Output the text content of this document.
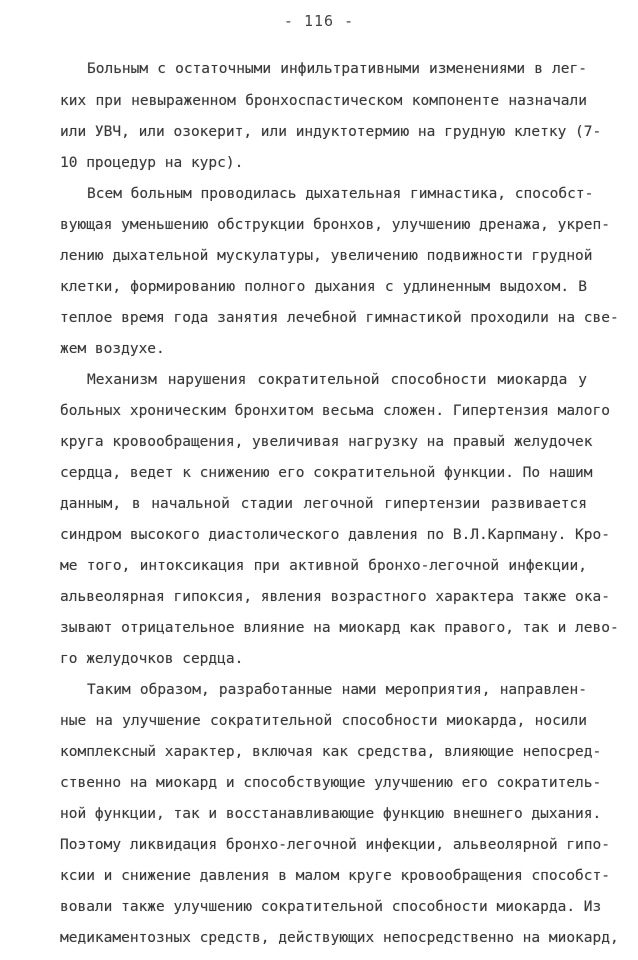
- 116 -
Больным с остаточными инфильтративными изменениями в лег-
ких при невыраженном бронхоспастическом компоненте назначали
или УВЧ, или озокерит, или индуктотермию на грудную клетку (7-
10 процедур на курс).
Всем больным проводилась дыхательная гимнастика, способст-
вующая уменьшению обструкции бронхов, улучшению дренажа, укреп-
лению дыхательной мускулатуры, увеличению подвижности грудной
клетки, формированию полного дыхания с удлиненным выдохом. В
теплое время года занятия лечебной гимнастикой проходили на све-
жем воздухе.
Механизм нарушения сократительной способности миокарда у
больных хроническим бронхитом весьма сложен. Гипертензия малого
круга кровообращения, увеличивая нагрузку на правый желудочек
сердца, ведет к снижению его сократительной функции. По нашим
данным, в начальной стадии легочной гипертензии развивается
синдром высокого диастолического давления по В.Л.Карпману. Кро-
ме того, интоксикация при активной бронхо-легочной инфекции,
альвеолярная гипоксия, явления возрастного характера также ока-
зывают отрицательное влияние на миокард как правого, так и лево-
го желудочков сердца.
Таким образом, разработанные нами мероприятия, направлен-
ные на улучшение сократительной способности миокарда, носили
комплексный характер, включая как средства, влияющие непосред-
ственно на миокард и способствующие улучшению его сократитель-
ной функции, так и восстанавливающие функцию внешнего дыхания.
Поэтому ликвидация бронхо-легочной инфекции, альвеолярной гипо-
ксии и снижение давления в малом круге кровообращения способст-
вовали также улучшению сократительной способности миокарда. Из
медикаментозных средств, действующих непосредственно на миокард,
